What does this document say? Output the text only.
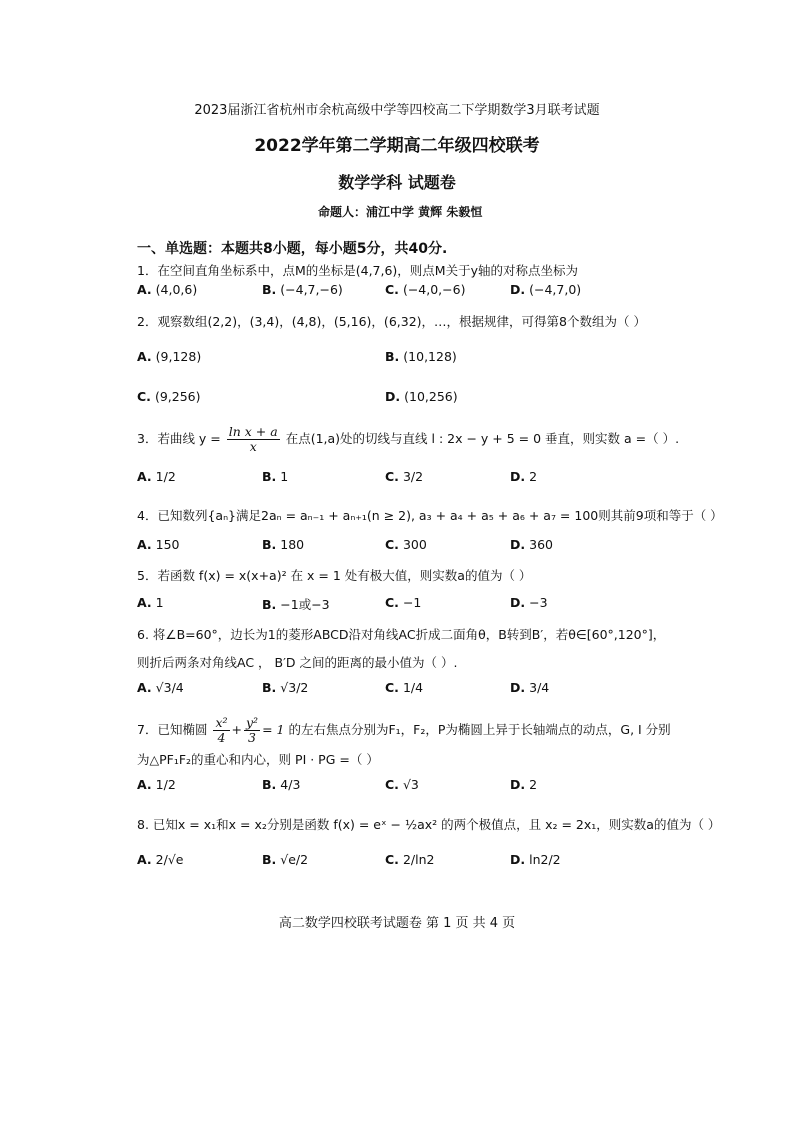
2023届浙江省杭州市余杭高级中学等四校高二下学期数学3月联考试题
2022学年第二学期高二年级四校联考
数学学科 试题卷
命题人：浦江中学 黄辉 朱毅恒
一、单选题：本题共8小题，每小题5分，共40分.
1．在空间直角坐标系中，点M的坐标是(4,7,6)，则点M关于y轴的对称点坐标为
A. (4,0,6)	B. (−4,7,−6)	C. (−4,0,−6)	D. (−4,7,0)
2．观察数组(2,2)，(3,4)，(4,8)，(5,16)，(6,32)，…，根据规律，可得第8个数组为（ ）
A. (9,128)	B. (10,128)
C. (9,256)	D. (10,256)
3．若曲线 $y = \frac{\text{ln x + a}}{x}$ 在点(1,a)处的切线与直线 l : 2x − y + 5 = 0 垂直，则实数 a =（ ）.
A. 1/2	B. 1	C. 3/2	D. 2
4．已知数列{aₙ}满足2aₙ = aₙ₋₁ + aₙ₊₁(n ≥ 2), a₃ + a₄ + a₅ + a₆ + a₇ = 100则其前9项和等于（ ）
A. 150	B. 180	C. 300	D. 360
5．若函数 f(x) = x(x+a)² 在 x = 1 处有极大值，则实数a的值为（ ）
A. 1	B. −1或−3	C. −1	D. −3
6. 将∠B=60°，边长为1的菱形ABCD沿对角线AC折成二面角θ，B转到B′，若θ∈[60°,120°]，
则折后两条对角线AC ， B′D 之间的距离的最小值为（ ）.
A. √3/4	B. √3/2	C. 1/4	D. 3/4
7．已知椭圆 $\frac{\text{x²}}{4} + \frac{\text{y²}}{3} = 1$ 的左右焦点分别为F₁，F₂，P为椭圆上异于长轴端点的动点，G, I 分别
为△PF₁F₂的重心和内心，则 PI · PG =（ ）
A. 1/2	B. 4/3	C. √3	D. 2
8. 已知x = x₁和x = x₂分别是函数 f(x) = eˣ − ½ax² 的两个极值点，且 x₂ = 2x₁，则实数a的值为（ ）
A. 2/√e	B. √e/2	C. 2/ln2	D. ln2/2
高二数学四校联考试题卷 第 1 页 共 4 页
